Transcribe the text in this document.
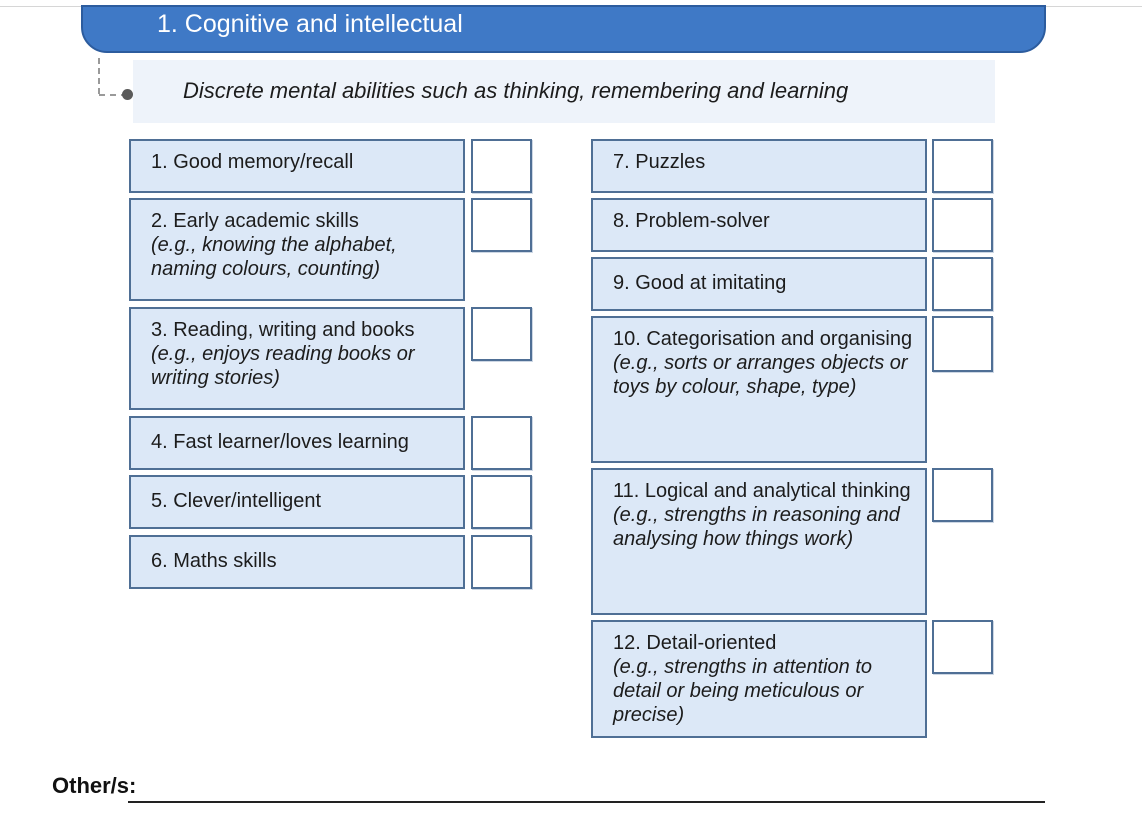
1. Cognitive and intellectual
Discrete mental abilities such as thinking, remembering and learning
1. Good memory/recall
2. Early academic skills
(e.g., knowing the alphabet, naming colours, counting)
3. Reading, writing and books
(e.g., enjoys reading books or writing stories)
4. Fast learner/loves learning
5. Clever/intelligent
6. Maths skills
7. Puzzles
8. Problem-solver
9. Good at imitating
10. Categorisation and organising
(e.g., sorts or arranges objects or toys by colour, shape, type)
11. Logical and analytical thinking
(e.g., strengths in reasoning and analysing how things work)
12. Detail-oriented
(e.g., strengths in attention to detail or being meticulous or precise)
Other/s:
